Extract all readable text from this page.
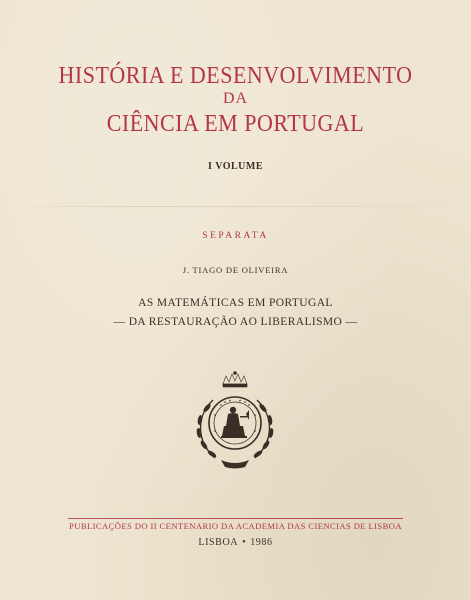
HISTÓRIA E DESENVOLVIMENTO
DA
CIÊNCIA EM PORTUGAL
I VOLUME
SEPARATA
J. TIAGO DE OLIVEIRA
AS MATEMÁTICAS EM PORTUGAL
— DA RESTAURAÇÃO AO LIBERALISMO —
PUBLICAÇÕES DO II CENTENARIO DA ACADEMIA DAS CIENCIAS DE LISBOA
LISBOA • 1986
